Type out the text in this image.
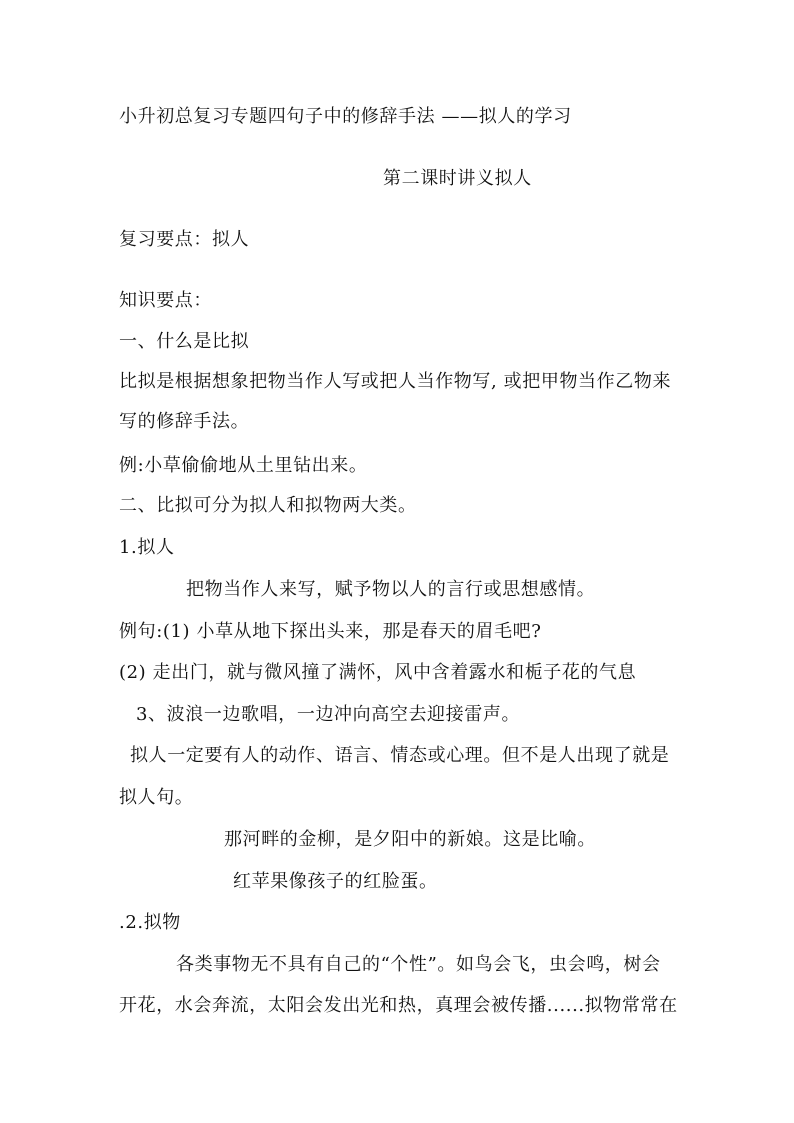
小升初总复习专题四句子中的修辞手法 ——拟人的学习
第二课时讲义拟人
复习要点：拟人
知识要点：
一、什么是比拟
比拟是根据想象把物当作人写或把人当作物写, 或把甲物当作乙物来
写的修辞手法。
例:小草偷偷地从土里钻出来。
二、比拟可分为拟人和拟物两大类。
1.拟人
把物当作人来写，赋予物以人的言行或思想感情。
例句:(1) 小草从地下探出头来，那是春天的眉毛吧?
(2) 走出门，就与微风撞了满怀，风中含着露水和栀子花的气息
3、波浪一边歌唱，一边冲向高空去迎接雷声。
拟人一定要有人的动作、语言、情态或心理。但不是人出现了就是
拟人句。
那河畔的金柳，是夕阳中的新娘。这是比喻。
红苹果像孩子的红脸蛋。
.2.拟物
各类事物无不具有自己的“个性”。如鸟会飞，虫会鸣，树会
开花，水会奔流，太阳会发出光和热，真理会被传播......拟物常常在
